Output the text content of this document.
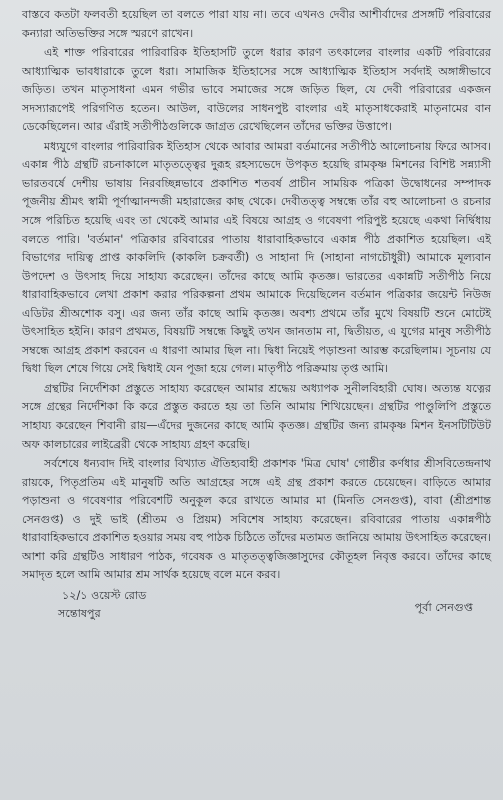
বাস্তবে কতটা ফলবতী হয়েছিল তা বলতে পারা যায় না। তবে এখনও দেবীর আশীর্বাদের প্রসঙ্গটি পরিবারের কন্যারা অতিভক্তির সঙ্গে স্মরণে রাখেন।

এই শাক্ত পরিবারের পারিবারিক ইতিহাসটি তুলে ধরার কারণ তৎকালের বাংলার একটি পরিবারের আধ্যাত্মিক ভাবধারাকে তুলে ধরা। সামাজিক ইতিহাসের সঙ্গে আধ্যাত্মিক ইতিহাস সর্বদাই অঙ্গাঙ্গীভাবে জড়িত। তখন মাতৃসাধনা এমন গভীর ভাবে সমাজের সঙ্গে জড়িত ছিল, যে দেবী পরিবারের একজন সদস্যারূপেই পরিগণিত হতেন। আউল, বাউলের সাধনপুষ্ট বাংলার এই মাতৃসাধকেরাই মাতৃনামের বান ডেকেছিলেন। আর এঁরাই সতীপীঠগুলিকে জাগ্রত রেখেছিলেন তাঁদের ভক্তির উত্তাপে।

মধ্যযুগে বাংলার পারিবারিক ইতিহাস থেকে আবার আমরা বর্তমানের সতীপীঠ আলোচনায় ফিরে আসব। একান্ন পীঠ গ্রন্থটি রচনাকালে মাতৃতত্ত্বের দুরূহ রহস্যভেদে উপকৃত হয়েছি রামকৃষ্ণ মিশনের বিশিষ্ট সন্ন্যাসী ভারতবর্ষে দেশীয় ভাষায় নিরবচ্ছিন্নভাবে প্রকাশিত শতবর্ষ প্রাচীন সাময়িক পত্রিকা উদ্বোধনের সম্পাদক পূজনীয় শ্রীমৎ স্বামী পূর্ণাত্মানন্দজী মহারাজের কাছ থেকে। দেবীতত্ত্ব সম্বন্ধে তাঁর বহু আলোচনা ও রচনার সঙ্গে পরিচিত হয়েছি এবং তা থেকেই আমার এই বিষয়ে আগ্রহ ও গবেষণা পরিপুষ্ট হয়েছে একথা নির্দ্বিধায় বলতে পারি। 'বর্তমান' পত্রিকার রবিবারের পাতায় ধারাবাহিকভাবে একান্ন পীঠ প্রকাশিত হয়েছিল। এই বিভাগের দায়িত্ব প্রাপ্ত কাকলিদি (কাকলি চক্রবর্তী) ও সাহানা দি (সাহানা নাগচৌধুরী) আমাকে মূল্যবান উপদেশ ও উৎসাহ দিয়ে সাহায্য করেছেন। তাঁদের কাছে আমি কৃতজ্ঞ। ভারতের একান্নটি সতীপীঠ নিয়ে ধারাবাহিকভাবে লেখা প্রকাশ করার পরিকল্পনা প্রথম আমাকে দিয়েছিলেন বর্তমান পত্রিকার জয়েন্ট নিউজ এডিটর শ্রীঅশোক বসু। এর জন্য তাঁর কাছে আমি কৃতজ্ঞ। অবশ্য প্রথমে তাঁর মুখে বিষয়টি শুনে মোটেই উৎসাহিত হইনি। কারণ প্রথমত, বিষয়টি সম্বন্ধে কিছুই তখন জানতাম না, দ্বিতীয়ত, এ যুগের মানুষ সতীপীঠ সম্বন্ধে আগ্রহ প্রকাশ করবেন এ ধারণা আমার ছিল না। দ্বিধা নিয়েই পড়াশুনা আরম্ভ করেছিলাম। সূচনায় যে দ্বিধা ছিল শেষে গিয়ে সেই দ্বিধাই যেন পূজা হয়ে গেল। মাতৃপীঠ পরিক্রমায় তৃপ্ত আমি।

গ্রন্থটির নির্দেশিকা প্রস্তুতে সাহায্য করেছেন আমার শ্রদ্ধেয় অধ্যাপক সুনীলবিহারী ঘোষ। অত্যন্ত যত্নের সঙ্গে গ্রন্থের নির্দেশিকা কি করে প্রস্তুত করতে হয় তা তিনি আমায় শিখিয়েছেন। গ্রন্থটির পাণ্ডুলিপি প্রস্তুতে সাহায্য করেছেন শিবানী রায়—এঁদের দুজনের কাছে আমি কৃতজ্ঞ। গ্রন্থটির জন্য রামকৃষ্ণ মিশন ইনসটিটিউট অফ কালচারের লাইব্রেরী থেকে সাহায্য গ্রহণ করেছি।

সর্বশেষে ধন্যবাদ দিই বাংলার বিখ্যাত ঐতিহ্যবাহী প্রকাশক 'মিত্র ঘোষ' গোষ্ঠীর কর্ণধার শ্রীসবিতেন্দ্রনাথ রায়কে, পিতৃপ্রতিম এই মানুষটি অতি আগ্রহের সঙ্গে এই গ্রন্থ প্রকাশ করতে চেয়েছেন। বাড়িতে আমার পড়াশুনা ও গবেষণার পরিবেশটি অনুকূল করে রাখতে আমার মা (মিনতি সেনগুপ্ত), বাবা (শ্রীপ্রশান্ত সেনগুপ্ত) ও দুই ভাই (শ্রীতম ও প্রিয়ম) সবিশেষ সাহায্য করেছেন। রবিবারের পাতায় একান্নপীঠ ধারাবাহিকভাবে প্রকাশিত হওয়ার সময় বহু পাঠক চিঠিতে তাঁদের মতামত জানিয়ে আমায় উৎসাহিত করেছেন। আশা করি গ্রন্থটিও সাধারণ পাঠক, গবেষক ও মাতৃতত্ত্বজিজ্ঞাসুদের কৌতূহল নিবৃত্ত করবে। তাঁদের কাছে সমাদৃত হলে আমি আমার শ্রম সার্থক হয়েছে বলে মনে করব।

১২/১ ওয়েস্ট রোড
সন্তোষপুর	পূর্বা সেনগুপ্ত
